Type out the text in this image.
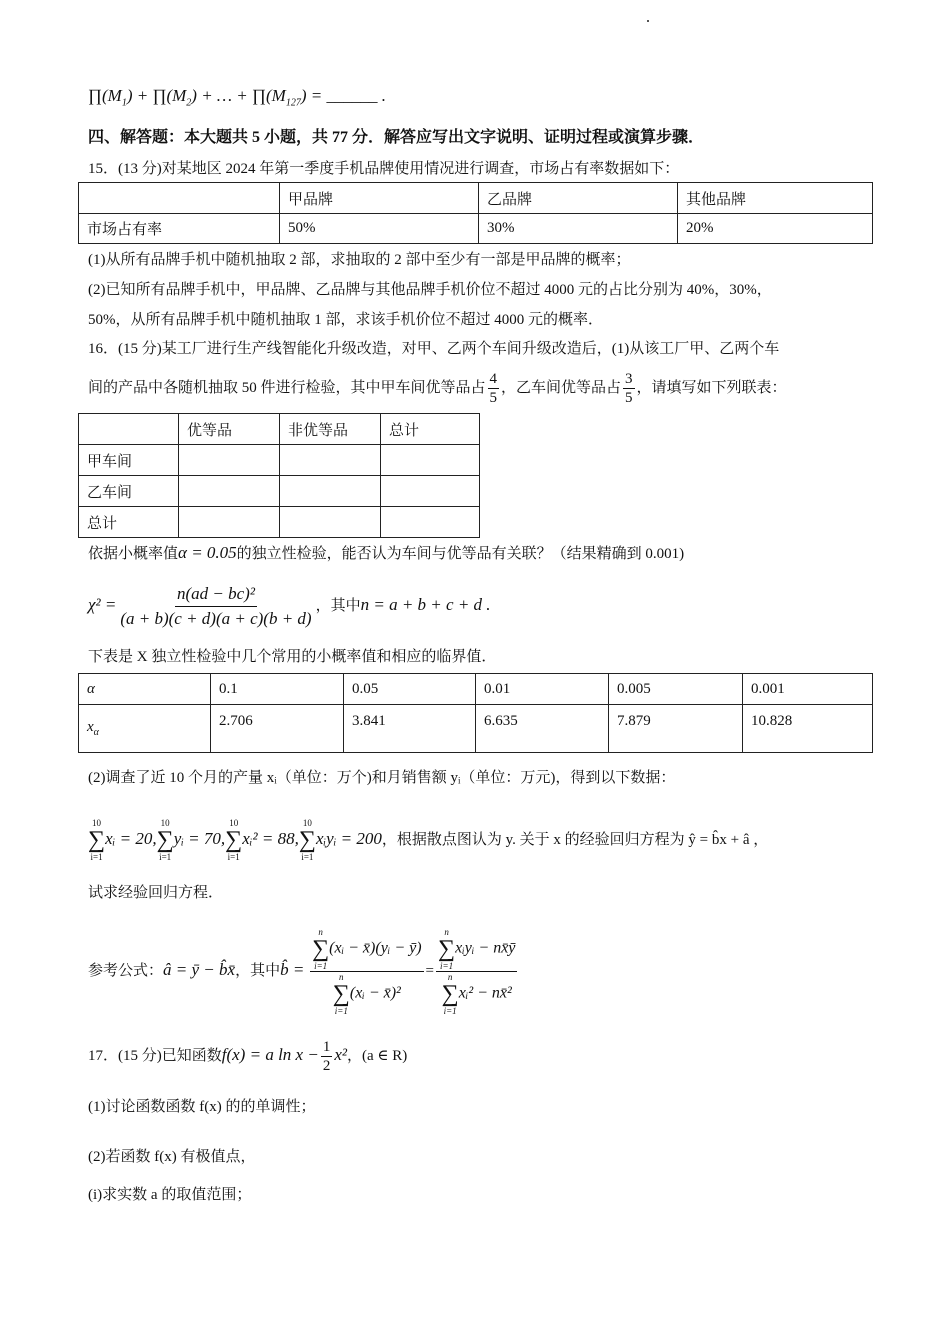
$\prod(M_1)$ + $\prod(M_2)$ + … + $\prod(M_{127})$ = ______ .
四、解答题：本大题共 5 小题，共 77 分．解答应写出文字说明、证明过程或演算步骤．
15．(13 分)对某地区 2024 年第一季度手机品牌使用情况进行调查，市场占有率数据如下：
	甲品牌	乙品牌	其他品牌
市场占有率	50%	30%	20%
(1)从所有品牌手机中随机抽取 2 部，求抽取的 2 部中至少有一部是甲品牌的概率；
(2)已知所有品牌手机中，甲品牌、乙品牌与其他品牌手机价位不超过 4000 元的占比分别为 40%，30%，
50%，从所有品牌手机中随机抽取 1 部，求该手机价位不超过 4000 元的概率．
16．(15 分)某工厂进行生产线智能化升级改造，对甲、乙两个车间升级改造后，(1)从该工厂甲、乙两个车
间的产品中各随机抽取 50 件进行检验，其中甲车间优等品占 $\frac{4}{5}$ ，乙车间优等品占 $\frac{3}{5}$ ，请填写如下列联表：
	优等品	非优等品	总计
甲车间			
乙车间			
总计			
依据小概率值α = 0.05的独立性检验，能否认为车间与优等品有关联？（结果精确到 0.001)
$\chi^2 = \frac{\text{n(ad − bc)²}}{(a + b)(c + d)(a + c)(b + d)}$ ，其中n = a + b + c + d .
下表是 X 独立性检验中几个常用的小概率值和相应的临界值．
α	0.1	0.05	0.01	0.005	0.001
$x_\alpha$	2.706	3.841	6.635	7.879	10.828
(2)调查了近 10 个月的产量 xᵢ（单位：万个)和月销售额 yᵢ（单位：万元)，得到以下数据：
10
∑
i=1
xᵢ = 20,
10
∑
i=1
yᵢ = 70,
10
∑
i=1
xᵢ² = 88,
10
∑
i=1
xᵢyᵢ = 200，根据散点图认为 y. 关于 x 的经验回归方程为 ŷ = b̂x + â ，
试求经验回归方程．
参考公式：â = ȳ − b̂x̄，其中b̂ = n
∑
i=1
(xᵢ − x̄)(yᵢ − ȳ)
n
∑
i=1
(xᵢ − x̄)² = n
∑
i=1
xᵢyᵢ − nx̄ȳ
n
∑
i=1
xᵢ² − nx̄²
17．(15 分)已知函数f(x) = a $\ln x - \frac{1}{2} x^2$，(a ∈ R)
(1)讨论函数函数 f(x) 的的单调性；
(2)若函数 f(x) 有极值点，
(i)求实数 a 的取值范围；
